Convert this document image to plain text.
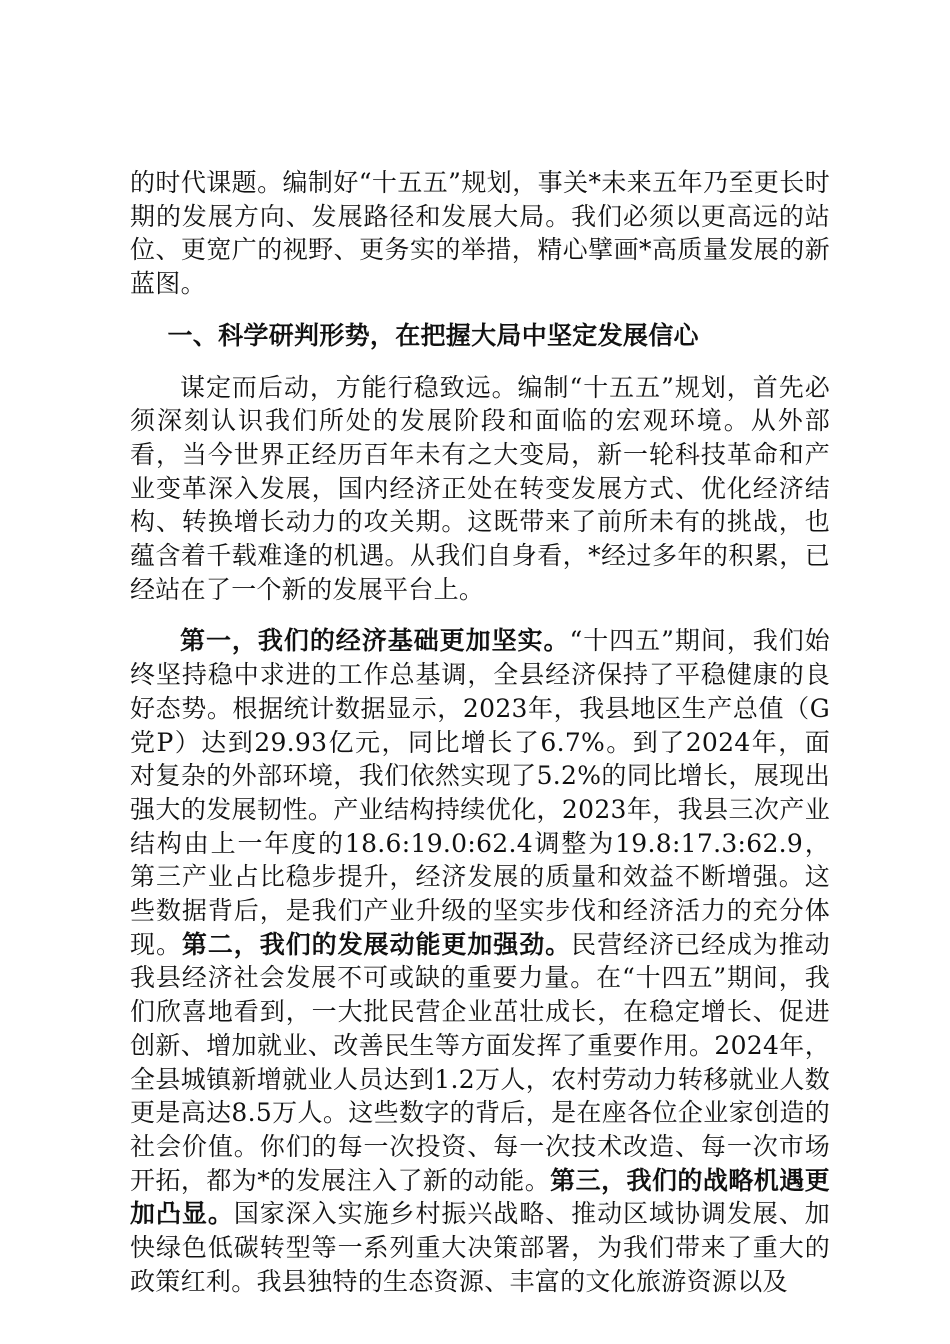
的时代课题。编制好“十五五”规划，事关*未来五年乃至更长时期的发展方向、发展路径和发展大局。我们必须以更高远的站位、更宽广的视野、更务实的举措，精心擘画*高质量发展的新蓝图。

一、科学研判形势，在把握大局中坚定发展信心

谋定而后动，方能行稳致远。编制“十五五”规划，首先必须深刻认识我们所处的发展阶段和面临的宏观环境。从外部看，当今世界正经历百年未有之大变局，新一轮科技革命和产业变革深入发展，国内经济正处在转变发展方式、优化经济结构、转换增长动力的攻关期。这既带来了前所未有的挑战，也蕴含着千载难逢的机遇。从我们自身看，*经过多年的积累，已经站在了一个新的发展平台上。

第一，我们的经济基础更加坚实。“十四五”期间，我们始终坚持稳中求进的工作总基调，全县经济保持了平稳健康的良好态势。根据统计数据显示，2023年，我县地区生产总值（G党P）达到29.93亿元，同比增长了6.7%。到了2024年，面对复杂的外部环境，我们依然实现了5.2%的同比增长，展现出强大的发展韧性。产业结构持续优化，2023年，我县三次产业结构由上一年度的18.6:19.0:62.4调整为19.8:17.3:62.9，第三产业占比稳步提升，经济发展的质量和效益不断增强。这些数据背后，是我们产业升级的坚实步伐和经济活力的充分体现。第二，我们的发展动能更加强劲。民营经济已经成为推动我县经济社会发展不可或缺的重要力量。在“十四五”期间，我们欣喜地看到，一大批民营企业茁壮成长，在稳定增长、促进创新、增加就业、改善民生等方面发挥了重要作用。2024年，全县城镇新增就业人员达到1.2万人，农村劳动力转移就业人数更是高达8.5万人。这些数字的背后，是在座各位企业家创造的社会价值。你们的每一次投资、每一次技术改造、每一次市场开拓，都为*的发展注入了新的动能。第三，我们的战略机遇更加凸显。国家深入实施乡村振兴战略、推动区域协调发展、加快绿色低碳转型等一系列重大决策部署，为我们带来了重大的政策红利。我县独特的生态资源、丰富的文化旅游资源以及
